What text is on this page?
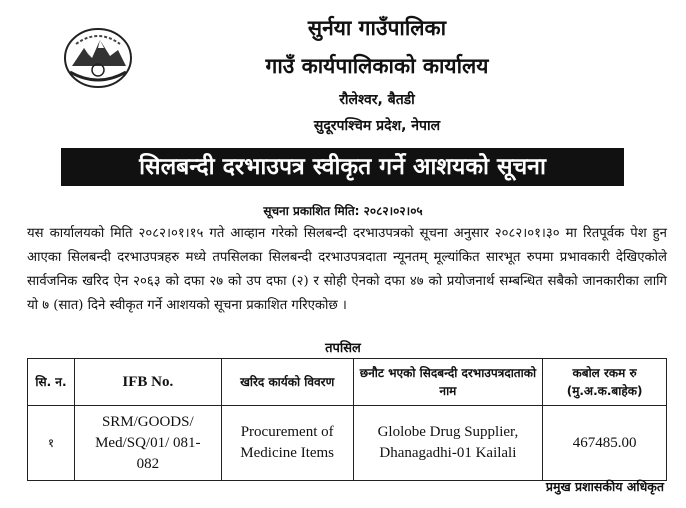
सुर्नया गाउँपालिका
गाउँ कार्यपालिकाको कार्यालय
रौलेश्वर, बैतडी
सुदूरपश्चिम प्रदेश, नेपाल
सिलबन्दी दरभाउपत्र स्वीकृत गर्ने आशयको सूचना
सूचना प्रकाशित मिति: २०८२।०२।०५
यस कार्यालयको मिति २०८२।०१।१५ गते आव्हान गरेको सिलबन्दी दरभाउपत्रको सूचना अनुसार २०८२।०१।३० मा रितपूर्वक पेश हुन आएका सिलबन्दी दरभाउपत्रहरु मध्ये तपसिलका सिलबन्दी दरभाउपत्रदाता न्यूनतम् मूल्यांकित सारभूत रुपमा प्रभावकारी देखिएकोले सार्वजनिक खरिद ऐन २०६३ को दफा २७ को उप दफा (२) र सोही ऐनको दफा ४७ को प्रयोजनार्थ सम्बन्धित सबैको जानकारीका लागि यो ७ (सात) दिने स्वीकृत गर्ने आशयको सूचना प्रकाशित गरिएकोछ ।
तपसिल
सि. न.	IFB No.	खरिद कार्यको विवरण	छनौट भएको सिदबन्दी दरभाउपत्रदाताको नाम	कबोल रकम रु (मु.अ.क.बाहेक)
१	SRM/GOODS/ Med/SQ/01/ 081-082	Procurement of Medicine Items	Glolobe Drug Supplier, Dhanagadhi-01 Kailali	467485.00
प्रमुख प्रशासकीय अधिकृत
